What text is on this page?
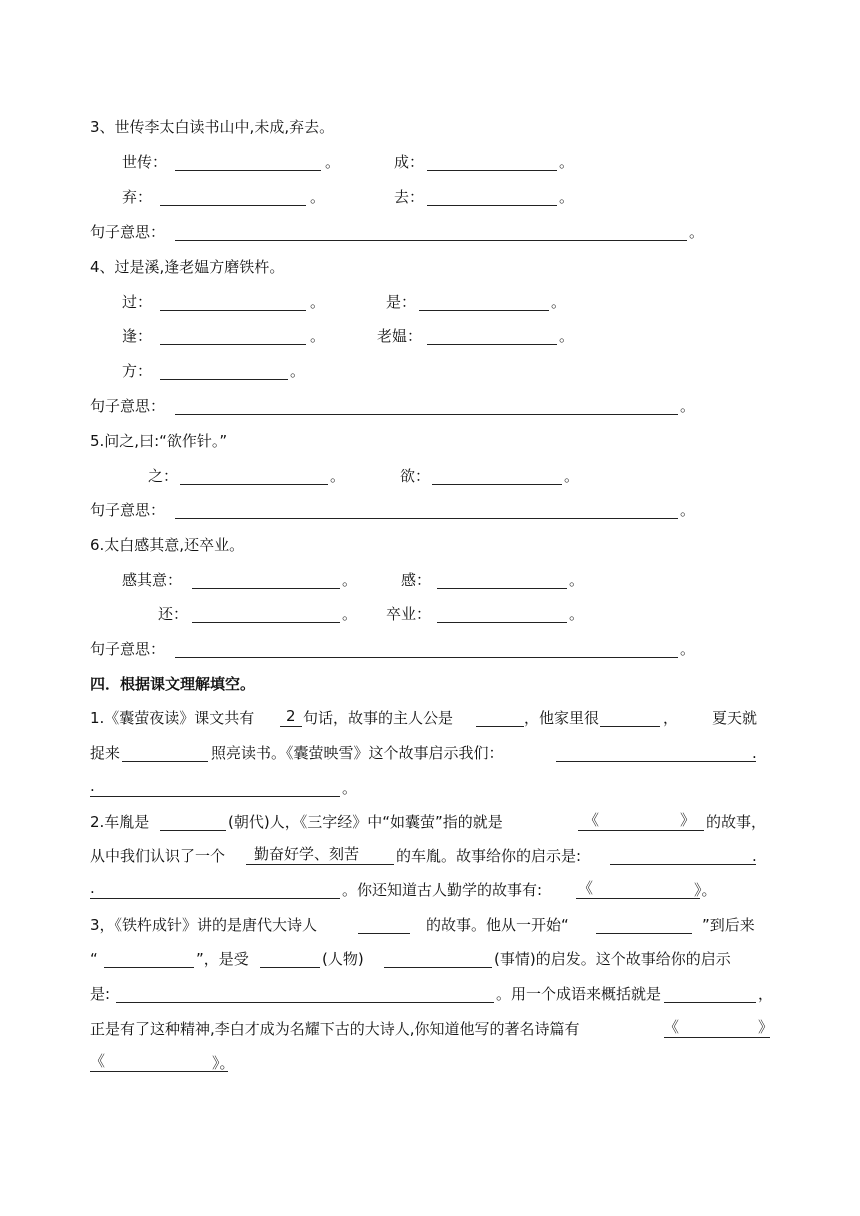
3、世传李太白读书山中,未成,弃去。
世传：	。	成：	。
弃：	。	去：	。
句子意思：	。
4、过是溪,逢老媪方磨铁杵。
过：	。	是：	。
逢：	。	老媪：	。
方：	。
句子意思：	。
5.问之,曰:“欲作针。”
之：	。	欲：	。
句子意思：	。
6.太白感其意,还卒业。
感其意：	。	感：	。
还：	。 卒业：	。
句子意思：	。
四．根据课文理解填空。
1.《囊萤夜读》课文共有 2 句话，故事的主人公是	，他家里很	， 夏天就
捉来	照亮读书。《囊萤映雪》这个故事启示我们：	.
.	。
2.车胤是	(朝代)人，《三字经》中“如囊萤”指的就是	《	》 的故事，
从中我们认识了一个 勤奋好学、刻苦 的车胤。故事给你的启示是:	.
.	。你还知道古人勤学的故事有: 《	》。
3，《铁杵成针》讲的是唐代大诗人	的故事。他从一开始“	”到后来
“	”，是受	(人物)	(事情)的启发。这个故事给你的启示
是:	。用一个成语来概括就是	，
正是有了这种精神,李白才成为名耀下古的大诗人,你知道他写的著名诗篇有	《	》
《	》。
